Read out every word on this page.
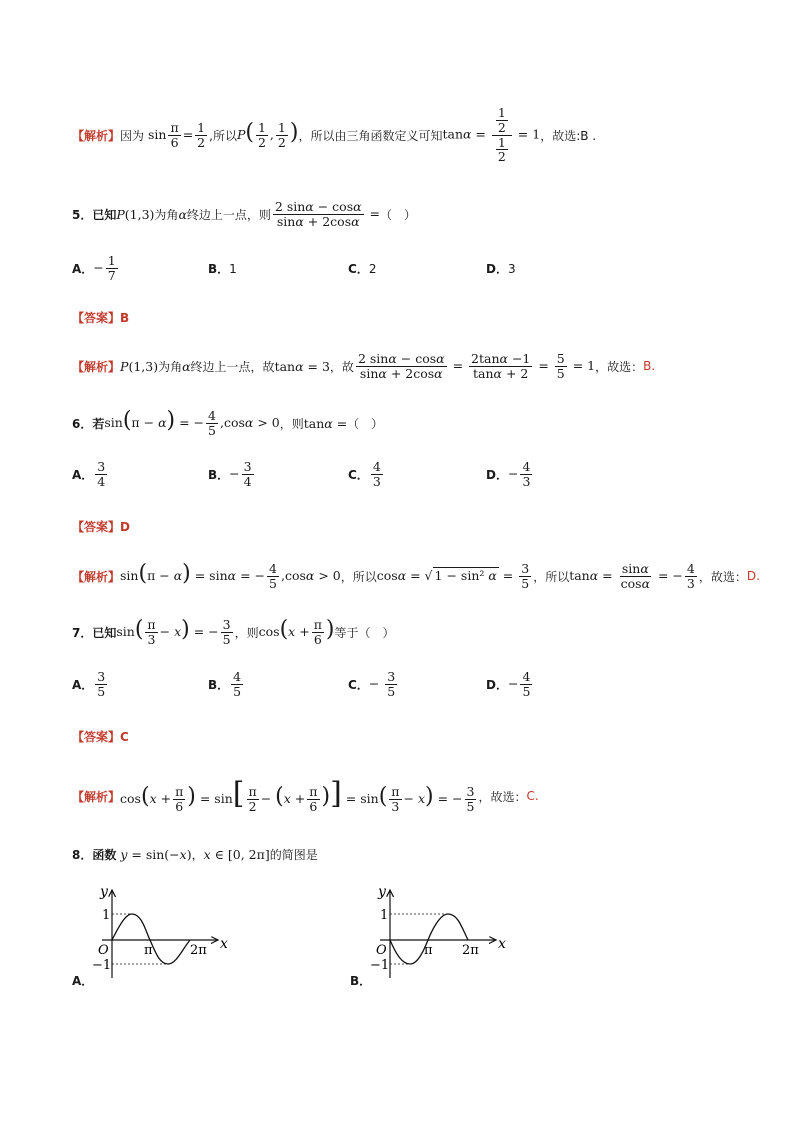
【解析】 因为 $\sin \frac{\pi}{6} = \frac{1}{2}$ ,所以 $P( \frac{1}{2}$ , $\frac{1}{2}$ ) ，所以由三角函数定义可知 $\tan\alpha = \frac{\frac{1}{2}}{\frac{1}{2}} = 1$ ，故选:B .
5．已知 P(1,3) 为角 α 终边上一点，则 $\frac{2 \sin\alpha - \cos\alpha}{\sin\alpha + 2\cos\alpha}$ = （　）
A． − $\frac{1}{7}$	B． 1	C． 2	D． 3
【答案】 B
【解析】 P(1,3) 为角 α 终边上一点，故 tanα = 3 ，故 $\frac{2 \sin\alpha - \cos\alpha}{\sin\alpha + 2\cos\alpha} = \frac{2\tan\alpha -1}{\tan\alpha + 2} = \frac{5}{5} = 1$ ，故选： B.
6．若 sin(π − α) = − $\frac{4}{5} ,\cos\alpha > 0$ ，则 tanα = （　）
A． $\frac{3}{4}$	B． − $\frac{3}{4}$	C． $\frac{4}{3}$	D． − $\frac{4}{3}$
【答案】 D
【解析】 sin(π − α) = sinα = − $\frac{4}{5} ,\cos\alpha > 0$ ，所以 cosα = √ 1 − sin² $\alpha = \frac{3}{5}$ ，所以 $\tan\alpha = \frac{\sin\alpha}{\cos\alpha}$ = − $\frac{4}{3}$ ，故选： D.
7．已知 $\sin( \frac{\pi}{3} - x)$ = − $\frac{3}{5}$ ，则 $\cos(x + \frac{\pi}{6}$ ) 等于（　）
A． $\frac{3}{5}$	B． $\frac{4}{5}$	C． − $\frac{3}{5}$	D． − $\frac{4}{5}$
【答案】 C
【解析】 $\cos(x + \frac{\pi}{6}$ ) = $\sin[ \frac{\pi}{2} - (x + \frac{\pi}{6}$ )] = $\sin( \frac{\pi}{3} - x)$ = − $\frac{3}{5}$ ，故选： C.
8．函数 y = sin(−x) ， x ∈ [0, 2π] 的简图是
y
x
1
O
−1
π	2π
A．
y
x
1
O
−1
π 2π
B．
